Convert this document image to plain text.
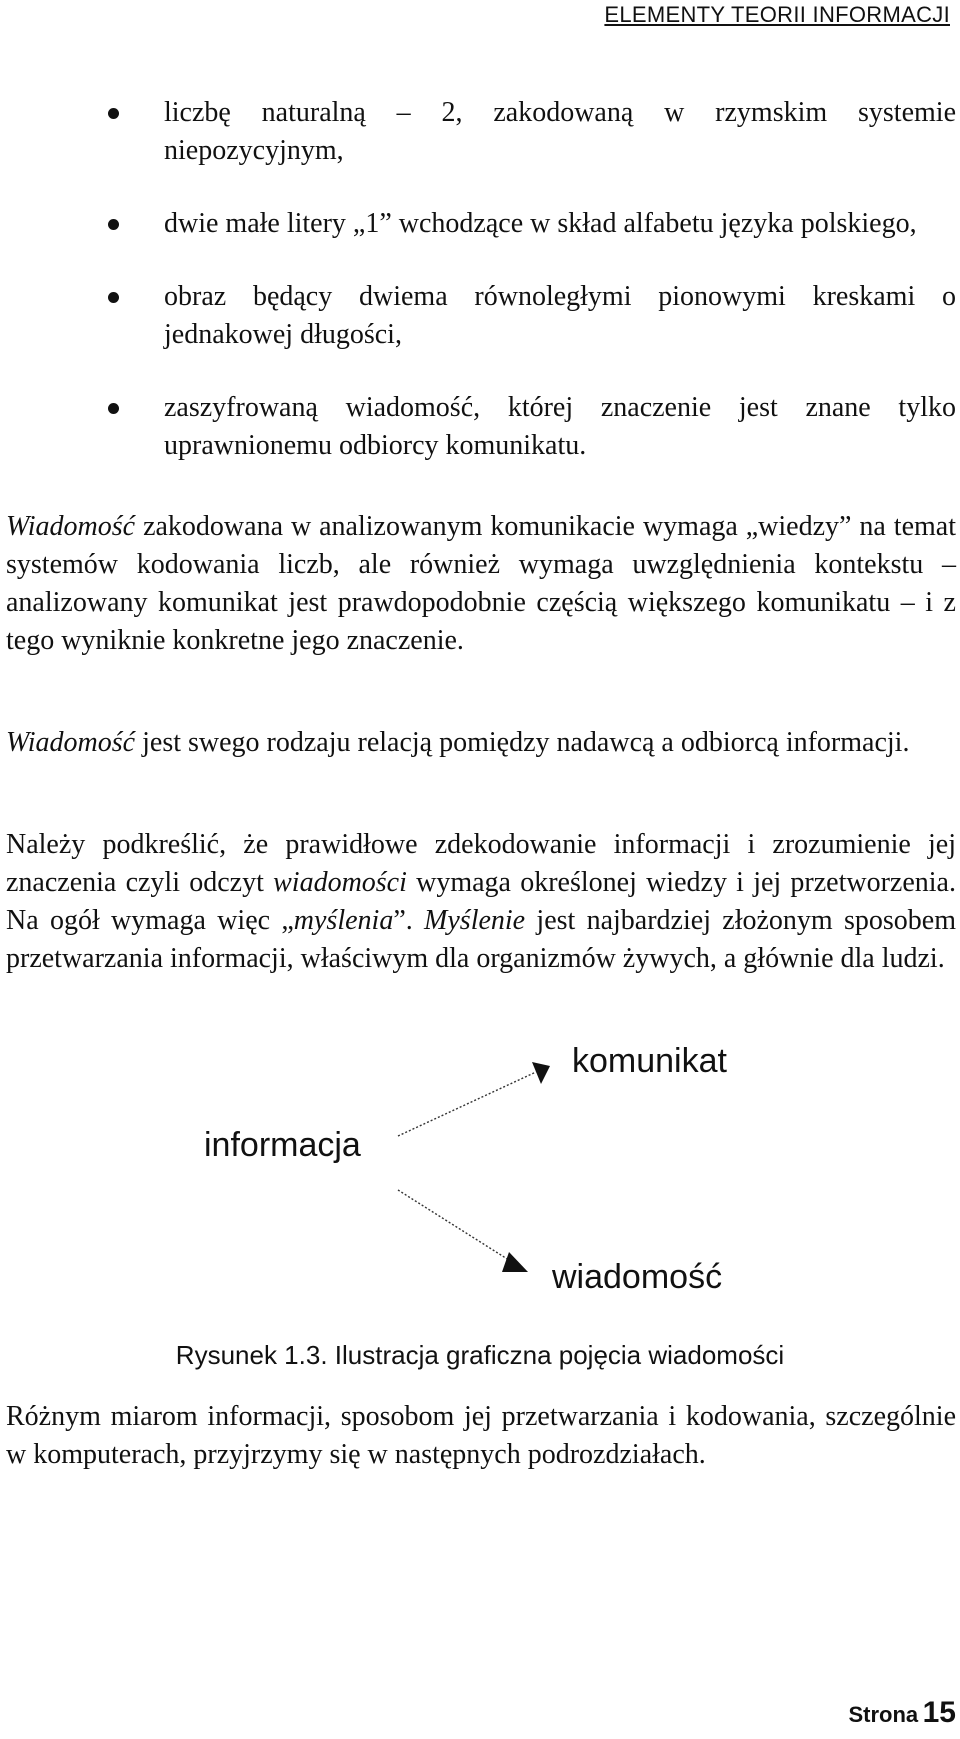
ELEMENTY TEORII INFORMACJI
liczbę naturalną – 2, zakodowaną w rzymskim systemie niepozycyjnym,
dwie małe litery „1” wchodzące w skład alfabetu języka polskiego,
obraz będący dwiema równoległymi pionowymi kreskami o jednakowej długości,
zaszyfrowaną wiadomość, której znaczenie jest znane tylko uprawnionemu odbiorcy komunikatu.

Wiadomość zakodowana w analizowanym komunikacie wymaga „wiedzy” na temat systemów kodowania liczb, ale również wymaga uwzględnienia kontekstu – analizowany komunikat jest prawdopodobnie częścią większego komunikatu – i z tego wyniknie konkretne jego znaczenie.

Wiadomość jest swego rodzaju relacją pomiędzy nadawcą a odbiorcą informacji.

Należy podkreślić, że prawidłowe zdekodowanie informacji i zrozumienie jej znaczenia czyli odczyt wiadomości wymaga określonej wiedzy i jej przetworzenia. Na ogół wymaga więc „myślenia”. Myślenie jest najbardziej złożonym sposobem przetwarzania informacji, właściwym dla organizmów żywych, a głównie dla ludzi.

komunikat
informacja
wiadomość
Rysunek 1.3. Ilustracja graficzna pojęcia wiadomości

Różnym miarom informacji, sposobom jej przetwarzania i kodowania, szczególnie w komputerach, przyjrzymy się w następnych podrozdziałach.

Strona 15
